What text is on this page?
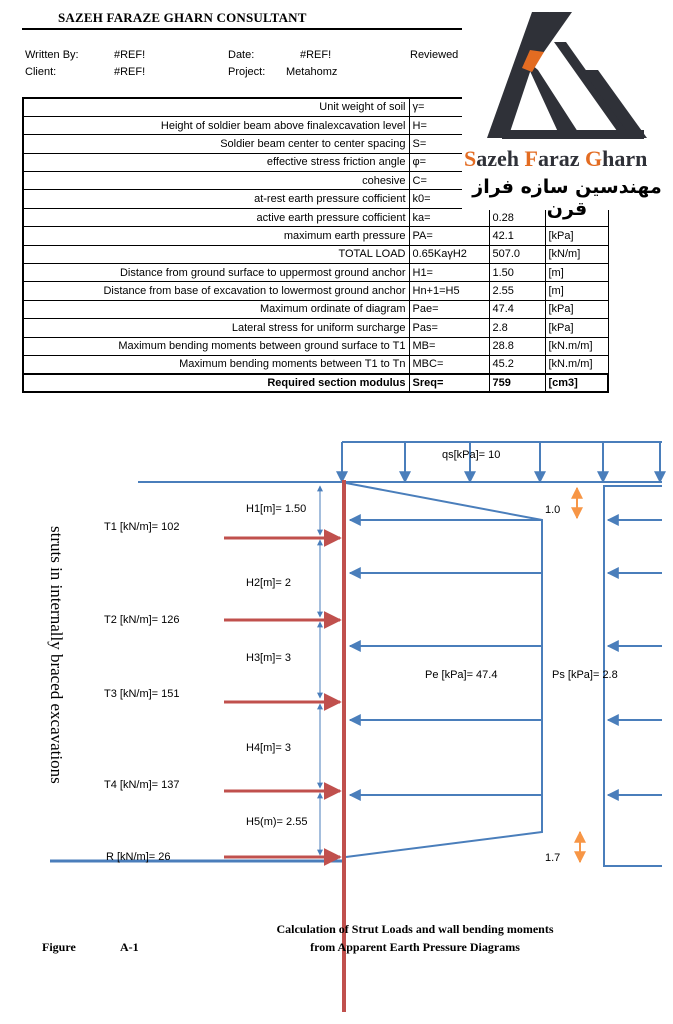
SAZEH FARAZE GHARN CONSULTANT
Written By:	#REF!	Date:	#REF!	Reviewed
Client:	#REF!	Project: Metahomz
Unit weight of soil	γ=		
Height of soldier beam above finalexcavation level	H=		
Soldier beam center to center spacing	S=		
effective stress friction angle	φ=		
cohesive	C=		
at-rest earth pressure cofficient	k0=		
active earth pressure cofficient	ka=	0.28	
maximum earth pressure	PA=	42.1	[kPa]
TOTAL LOAD	0.65KaγH2	507.0	[kN/m]
Distance from ground surface to uppermost ground anchor	H1=	1.50	[m]
Distance from base of excavation to lowermost ground anchor	Hn+1=H5	2.55	[m]
Maximum ordinate of diagram	Pae=	47.4	[kPa]
Lateral stress for uniform surcharge	Pas=	2.8	[kPa]
Maximum bending moments between ground surface to T1	MB=	28.8	[kN.m/m]
Maximum bending moments between T1 to Tn	MBC=	45.2	[kN.m/m]
Required section modulus	Sreq=	759	[cm3]
Sazeh Faraz Gharn
مهندسین سازه فراز قرن
qs[kPa]= 10
1.0
1.7
Pe [kPa]= 47.4	Ps [kPa]= 2.8
T1 [kN/m]= 102
T2 [kN/m]= 126
T3 [kN/m]= 151
T4 [kN/m]= 137
R [kN/m]= 26
H1[m]= 1.50
H2[m]= 2
H3[m]= 3
H4[m]= 3
H5(m)= 2.55
struts in internally braced excavations
Calculation of Strut Loads and wall bending moments
from Apparent Earth Pressure Diagrams
Figure	A-1
